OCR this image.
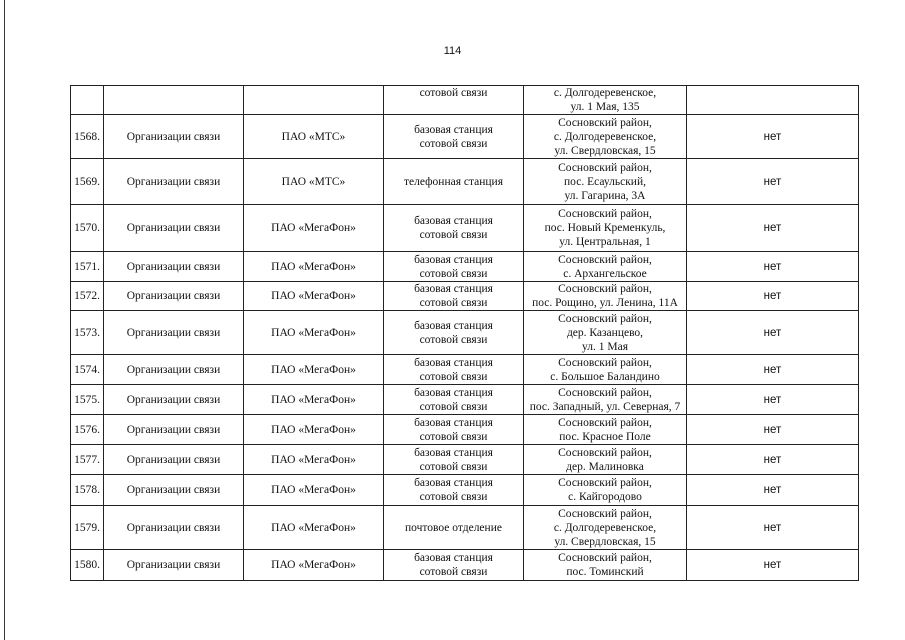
114
			сотовой связи	с. Долгодеревенское,
ул. 1 Мая, 135	
1568.	Организации связи	ПАО «МТС»	базовая станция
сотовой связи	Сосновский район,
с. Долгодеревенское,
ул. Свердловская, 15	нет
1569.	Организации связи	ПАО «МТС»	телефонная станция	Сосновский район,
пос. Есаульский,
ул. Гагарина, 3А	нет
1570.	Организации связи	ПАО «МегаФон»	базовая станция
сотовой связи	Сосновский район,
пос. Новый Кременкуль,
ул. Центральная, 1	нет
1571.	Организации связи	ПАО «МегаФон»	базовая станция
сотовой связи	Сосновский район,
с. Архангельское	нет
1572.	Организации связи	ПАО «МегаФон»	базовая станция
сотовой связи	Сосновский район,
пос. Рощино, ул. Ленина, 11А	нет
1573.	Организации связи	ПАО «МегаФон»	базовая станция
сотовой связи	Сосновский район,
дер. Казанцево,
ул. 1 Мая	нет
1574.	Организации связи	ПАО «МегаФон»	базовая станция
сотовой связи	Сосновский район,
с. Большое Баландино	нет
1575.	Организации связи	ПАО «МегаФон»	базовая станция
сотовой связи	Сосновский район,
пос. Западный, ул. Северная, 7	нет
1576.	Организации связи	ПАО «МегаФон»	базовая станция
сотовой связи	Сосновский район,
пос. Красное Поле	нет
1577.	Организации связи	ПАО «МегаФон»	базовая станция
сотовой связи	Сосновский район,
дер. Малиновка	нет
1578.	Организации связи	ПАО «МегаФон»	базовая станция
сотовой связи	Сосновский район,
с. Кайгородово	нет
1579.	Организации связи	ПАО «МегаФон»	почтовое отделение	Сосновский район,
с. Долгодеревенское,
ул. Свердловская, 15	нет
1580.	Организации связи	ПАО «МегаФон»	базовая станция
сотовой связи	Сосновский район,
пос. Томинский	нет
